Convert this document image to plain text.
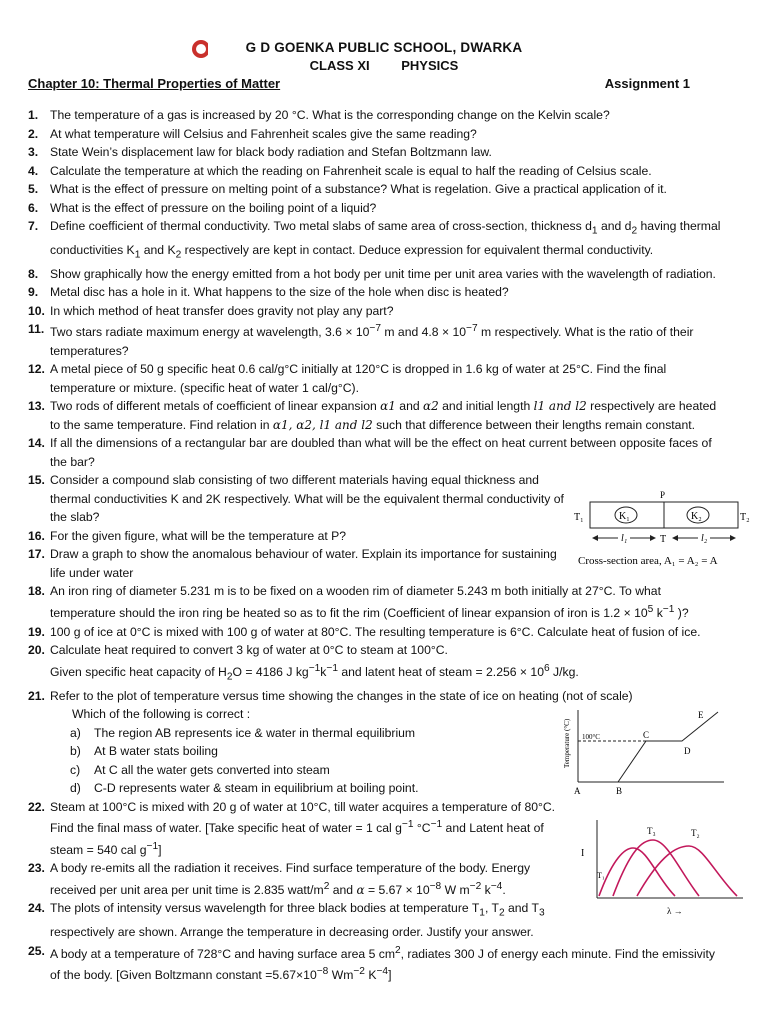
G D GOENKA PUBLIC SCHOOL, DWARKA
CLASS XI PHYSICS
Chapter 10: Thermal Properties of Matter	Assignment 1
1. The temperature of a gas is increased by 20 °C. What is the corresponding change on the Kelvin scale?
2. At what temperature will Celsius and Fahrenheit scales give the same reading?
3. State Wein’s displacement law for black body radiation and Stefan Boltzmann law.
4. Calculate the temperature at which the reading on Fahrenheit scale is equal to half the reading of Celsius scale.
5. What is the effect of pressure on melting point of a substance? What is regelation. Give a practical application of it.
6. What is the effect of pressure on the boiling point of a liquid?
7. Define coefficient of thermal conductivity. Two metal slabs of same area of cross-section, thickness $d_1$ and $d_2$ having thermal conductivities $K_1$ and $K_2$ respectively are kept in contact. Deduce expression for equivalent thermal conductivity.
8. Show graphically how the energy emitted from a hot body per unit time per unit area varies with the wavelength of radiation.
9. Metal disc has a hole in it. What happens to the size of the hole when disc is heated?
10. In which method of heat transfer does gravity not play any part?
11. Two stars radiate maximum energy at wavelength, $3.6 \times 10^{-7}$ m and $4.8 \times 10^{-7}$ m respectively. What is the ratio of their temperatures?
12. A metal piece of 50 g specific heat 0.6 cal/g°C initially at 120°C is dropped in 1.6 kg of water at 25°C. Find the final temperature or mixture. (specific heat of water 1 cal/g°C).
13. Two rods of different metals of coefficient of linear expansion α1 and α2 and initial length l1 and l2 respectively are heated to the same temperature. Find relation in α1, α2, l1 and l2 such that difference between their lengths remain constant.
14. If all the dimensions of a rectangular bar are doubled than what will be the effect on heat current between opposite faces of the bar?
15. Consider a compound slab consisting of two different materials having equal thickness and thermal conductivities K and 2K respectively. What will be the equivalent thermal conductivity of the slab?
16. For the given figure, what will be the temperature at P?
17. Draw a graph to show the anomalous behaviour of water. Explain its importance for sustaining life under water
18. An iron ring of diameter 5.231 m is to be fixed on a wooden rim of diameter 5.243 m both initially at 27°C. To what temperature should the iron ring be heated so as to fit the rim (Coefficient of linear expansion of iron is $1.2 \times 10^5$ $k^{-1}$ )?
19. 100 g of ice at 0°C is mixed with 100 g of water at 80°C. The resulting temperature is 6°C. Calculate heat of fusion of ice.
20. Calculate heat required to convert 3 kg of water at 0°C to steam at 100°C.
Given specific heat capacity of $H_2O = 4186$ J $kg^{-1}k^{-1}$ and latent heat of steam = $2.256 \times 10^6$ J/kg.
21. Refer to the plot of temperature versus time showing the changes in the state of ice on heating (not of scale)
Which of the following is correct :
a) The region AB represents ice & water in thermal equilibrium
b) At B water stats boiling
c) At C all the water gets converted into steam
d) C-D represents water & steam in equilibrium at boiling point.
22. Steam at 100°C is mixed with 20 g of water at 10°C, till water acquires a temperature of 80°C. Find the final mass of water. [Take specific heat of water = 1 cal $g^{-1}$ $^\circ C^{-1}$ and Latent heat of steam = 540 cal $g^{-1}$]
23. A body re-emits all the radiation it receives. Find surface temperature of the body. Energy received per unit area per unit time is 2.835 watt/$m^2$ and $\alpha = 5.67 \times 10^{-8}$ W $m^{-2}$ $k^{-4}$.
24. The plots of intensity versus wavelength for three black bodies at temperature $T_1$, $T_2$ and $T_3$ respectively are shown. Arrange the temperature in decreasing order. Justify your answer.
25. A body at a temperature of 728°C and having surface area 5 $cm^2$, radiates 300 J of energy each minute. Find the emissivity of the body. [Given Boltzmann constant $=5.67\times 10^{-8}$ $Wm^{-2}$ $K^{-4}$]
K₁	K₂
P
T₁	T₂
l₁	l₂
T
Cross-section area, A₁ = A₂ = A
Temperature (°C) 100°C
A	B
C
D
E
I
T₃	T₂
T₁
λ →
